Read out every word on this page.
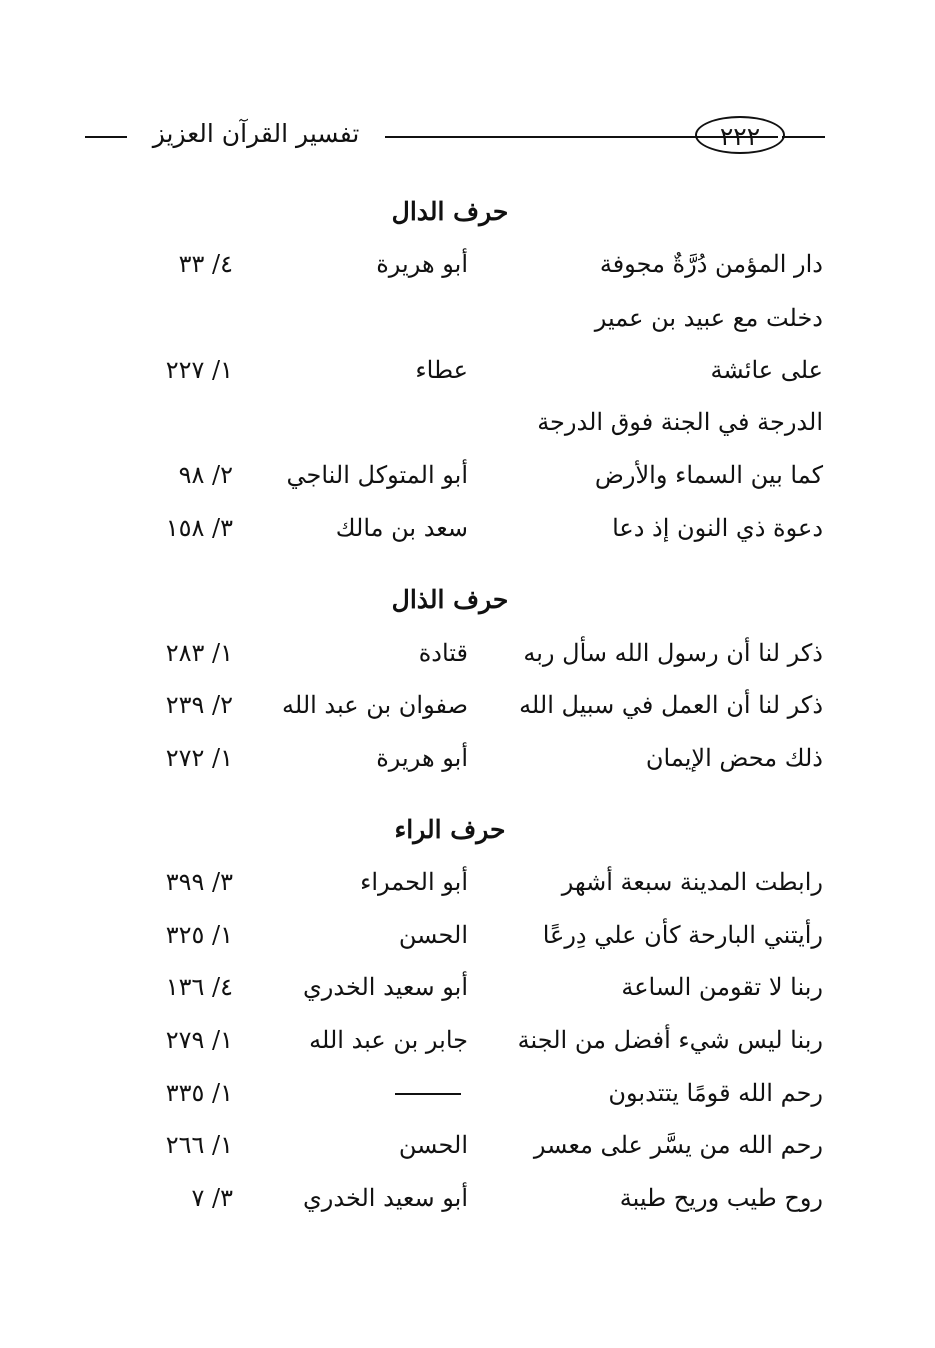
تفسير القرآن العزيز	٢٢٢
حرف الدال
دار المؤمن دُرَّةٌ مجوفة
أبو هريرة
٤/ ٣٣
دخلت مع عبيد بن عمير
على عائشة
عطاء
١/ ٢٢٧
الدرجة في الجنة فوق الدرجة
كما بين السماء والأرض
أبو المتوكل الناجي
٢/ ٩٨
دعوة ذي النون إذ دعا
سعد بن مالك
٣/ ١٥٨
حرف الذال
ذكر لنا أن رسول الله سأل ربه
قتادة
١/ ٢٨٣
ذكر لنا أن العمل في سبيل الله
صفوان بن عبد الله
٢/ ٢٣٩
ذلك محض الإيمان
أبو هريرة
١/ ٢٧٢
حرف الراء
رابطت المدينة سبعة أشهر
أبو الحمراء
٣/ ٣٩٩
رأيتني البارحة كأن علي دِرعًا
الحسن
١/ ٣٢٥
ربنا لا تقومن الساعة
أبو سعيد الخدري
٤/ ١٣٦
ربنا ليس شيء أفضل من الجنة
جابر بن عبد الله
١/ ٢٧٩
رحم الله قومًا يتتدبون
١/ ٣٣٥
رحم الله من يسَّر على معسر
الحسن
١/ ٢٦٦
روح طيب وريح طيبة
أبو سعيد الخدري
٣/ ٧
